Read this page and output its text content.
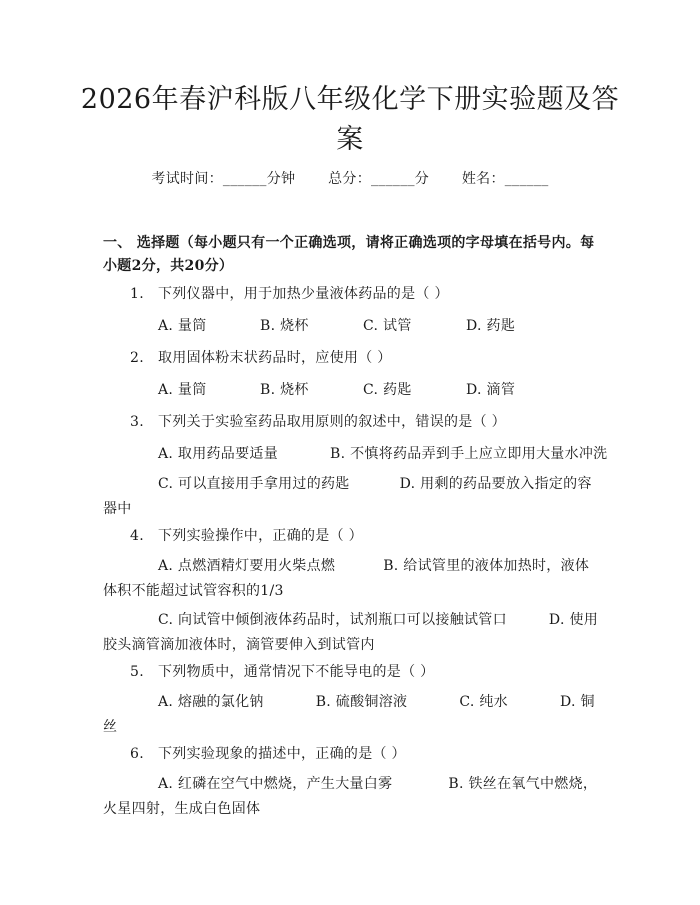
2026年春沪科版八年级化学下册实验题及答案
考试时间：______分钟 总分：______分 姓名：______
一、 选择题（每小题只有一个正确选项，请将正确选项的字母填在括号内。每小题2分，共20分）
1. 下列仪器中，用于加热少量液体药品的是（ ）
A. 量筒	B. 烧杯	C. 试管	D. 药匙
2. 取用固体粉末状药品时，应使用（ ）
A. 量筒	B. 烧杯	C. 药匙	D. 滴管
3. 下列关于实验室药品取用原则的叙述中，错误的是（ ）
A. 取用药品要适量	B. 不慎将药品弄到手上应立即用大量水冲洗
C. 可以直接用手拿用过的药匙	D. 用剩的药品要放入指定的容器中
4. 下列实验操作中，正确的是（ ）
A. 点燃酒精灯要用火柴点燃	B. 给试管里的液体加热时，液体体积不能超过试管容积的1/3
C. 向试管中倾倒液体药品时，试剂瓶口可以接触试管口	D. 使用胶头滴管滴加液体时，滴管要伸入到试管内
5. 下列物质中，通常情况下不能导电的是（ ）
A. 熔融的氯化钠	B. 硫酸铜溶液	C. 纯水	D. 铜丝
6. 下列实验现象的描述中，正确的是（ ）
A. 红磷在空气中燃烧，产生大量白雾	B. 铁丝在氧气中燃烧，火星四射，生成白色固体
